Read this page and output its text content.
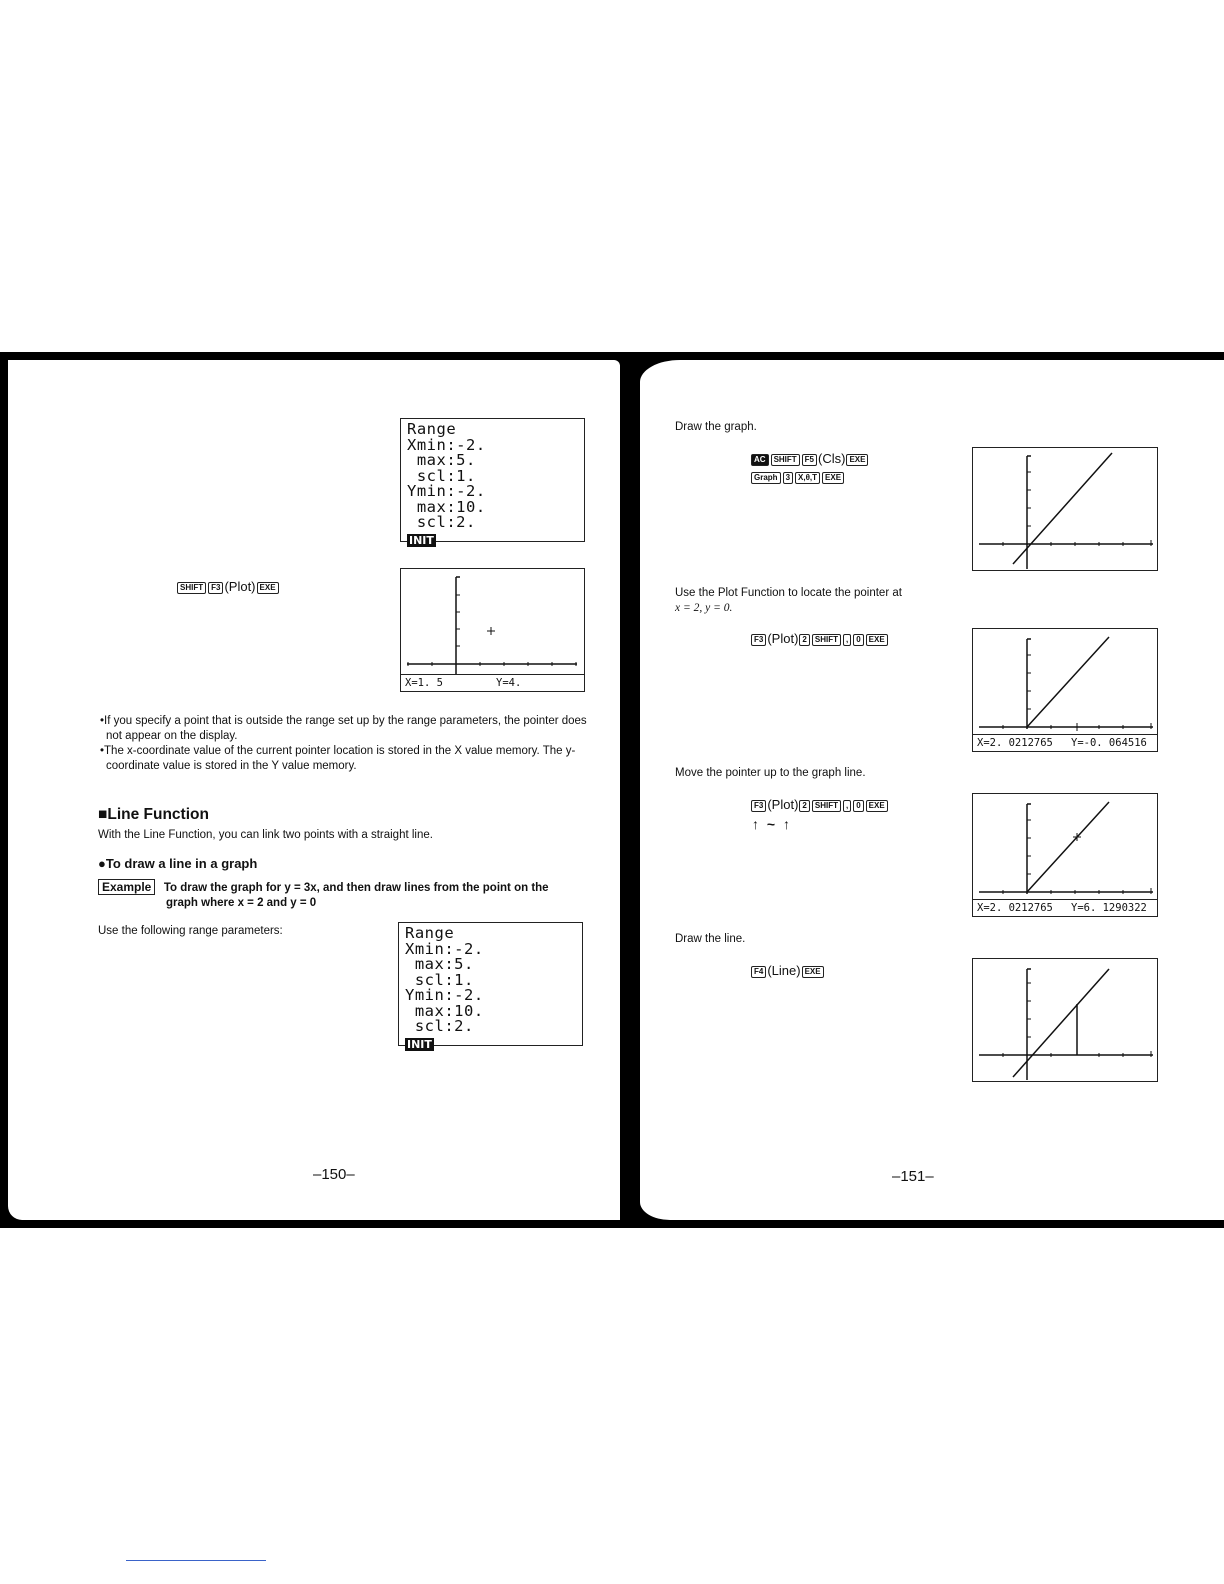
Range
Xmin:-2.
max:5.
scl:1.
Ymin:-2.
max:10.
scl:2.
INIT
SHIFT F3 (Plot) EXE
X=1. 5	Y=4.
•If you specify a point that is outside the range set up by the range parameters, the pointer does not appear on the display.
•The x-coordinate value of the current pointer location is stored in the X value memory. The y-coordinate value is stored in the Y value memory.
■Line Function
With the Line Function, you can link two points with a straight line.
●To draw a line in a graph
Example To draw the graph for y = 3x, and then draw lines from the point on the
graph where x = 2 and y = 0
Use the following range parameters:	Range
Xmin:-2.
max:5.
scl:1.
Ymin:-2.
max:10.
scl:2.
INIT
–150–
Draw the graph.
AC SHIFT F5 (Cls) EXE
Graph 3 X,θ,T EXE
Use the Plot Function to locate the pointer at
x = 2, y = 0.
F3 (Plot) 2 SHIFT , 0 EXE
X=2. 0212765 Y=-0. 064516
Move the pointer up to the graph line.
F3 (Plot) 2 SHIFT , 0 EXE
↑ ~ ↑
X=2. 0212765 Y=6. 1290322
Draw the line.
F4 (Line) EXE
–151–
